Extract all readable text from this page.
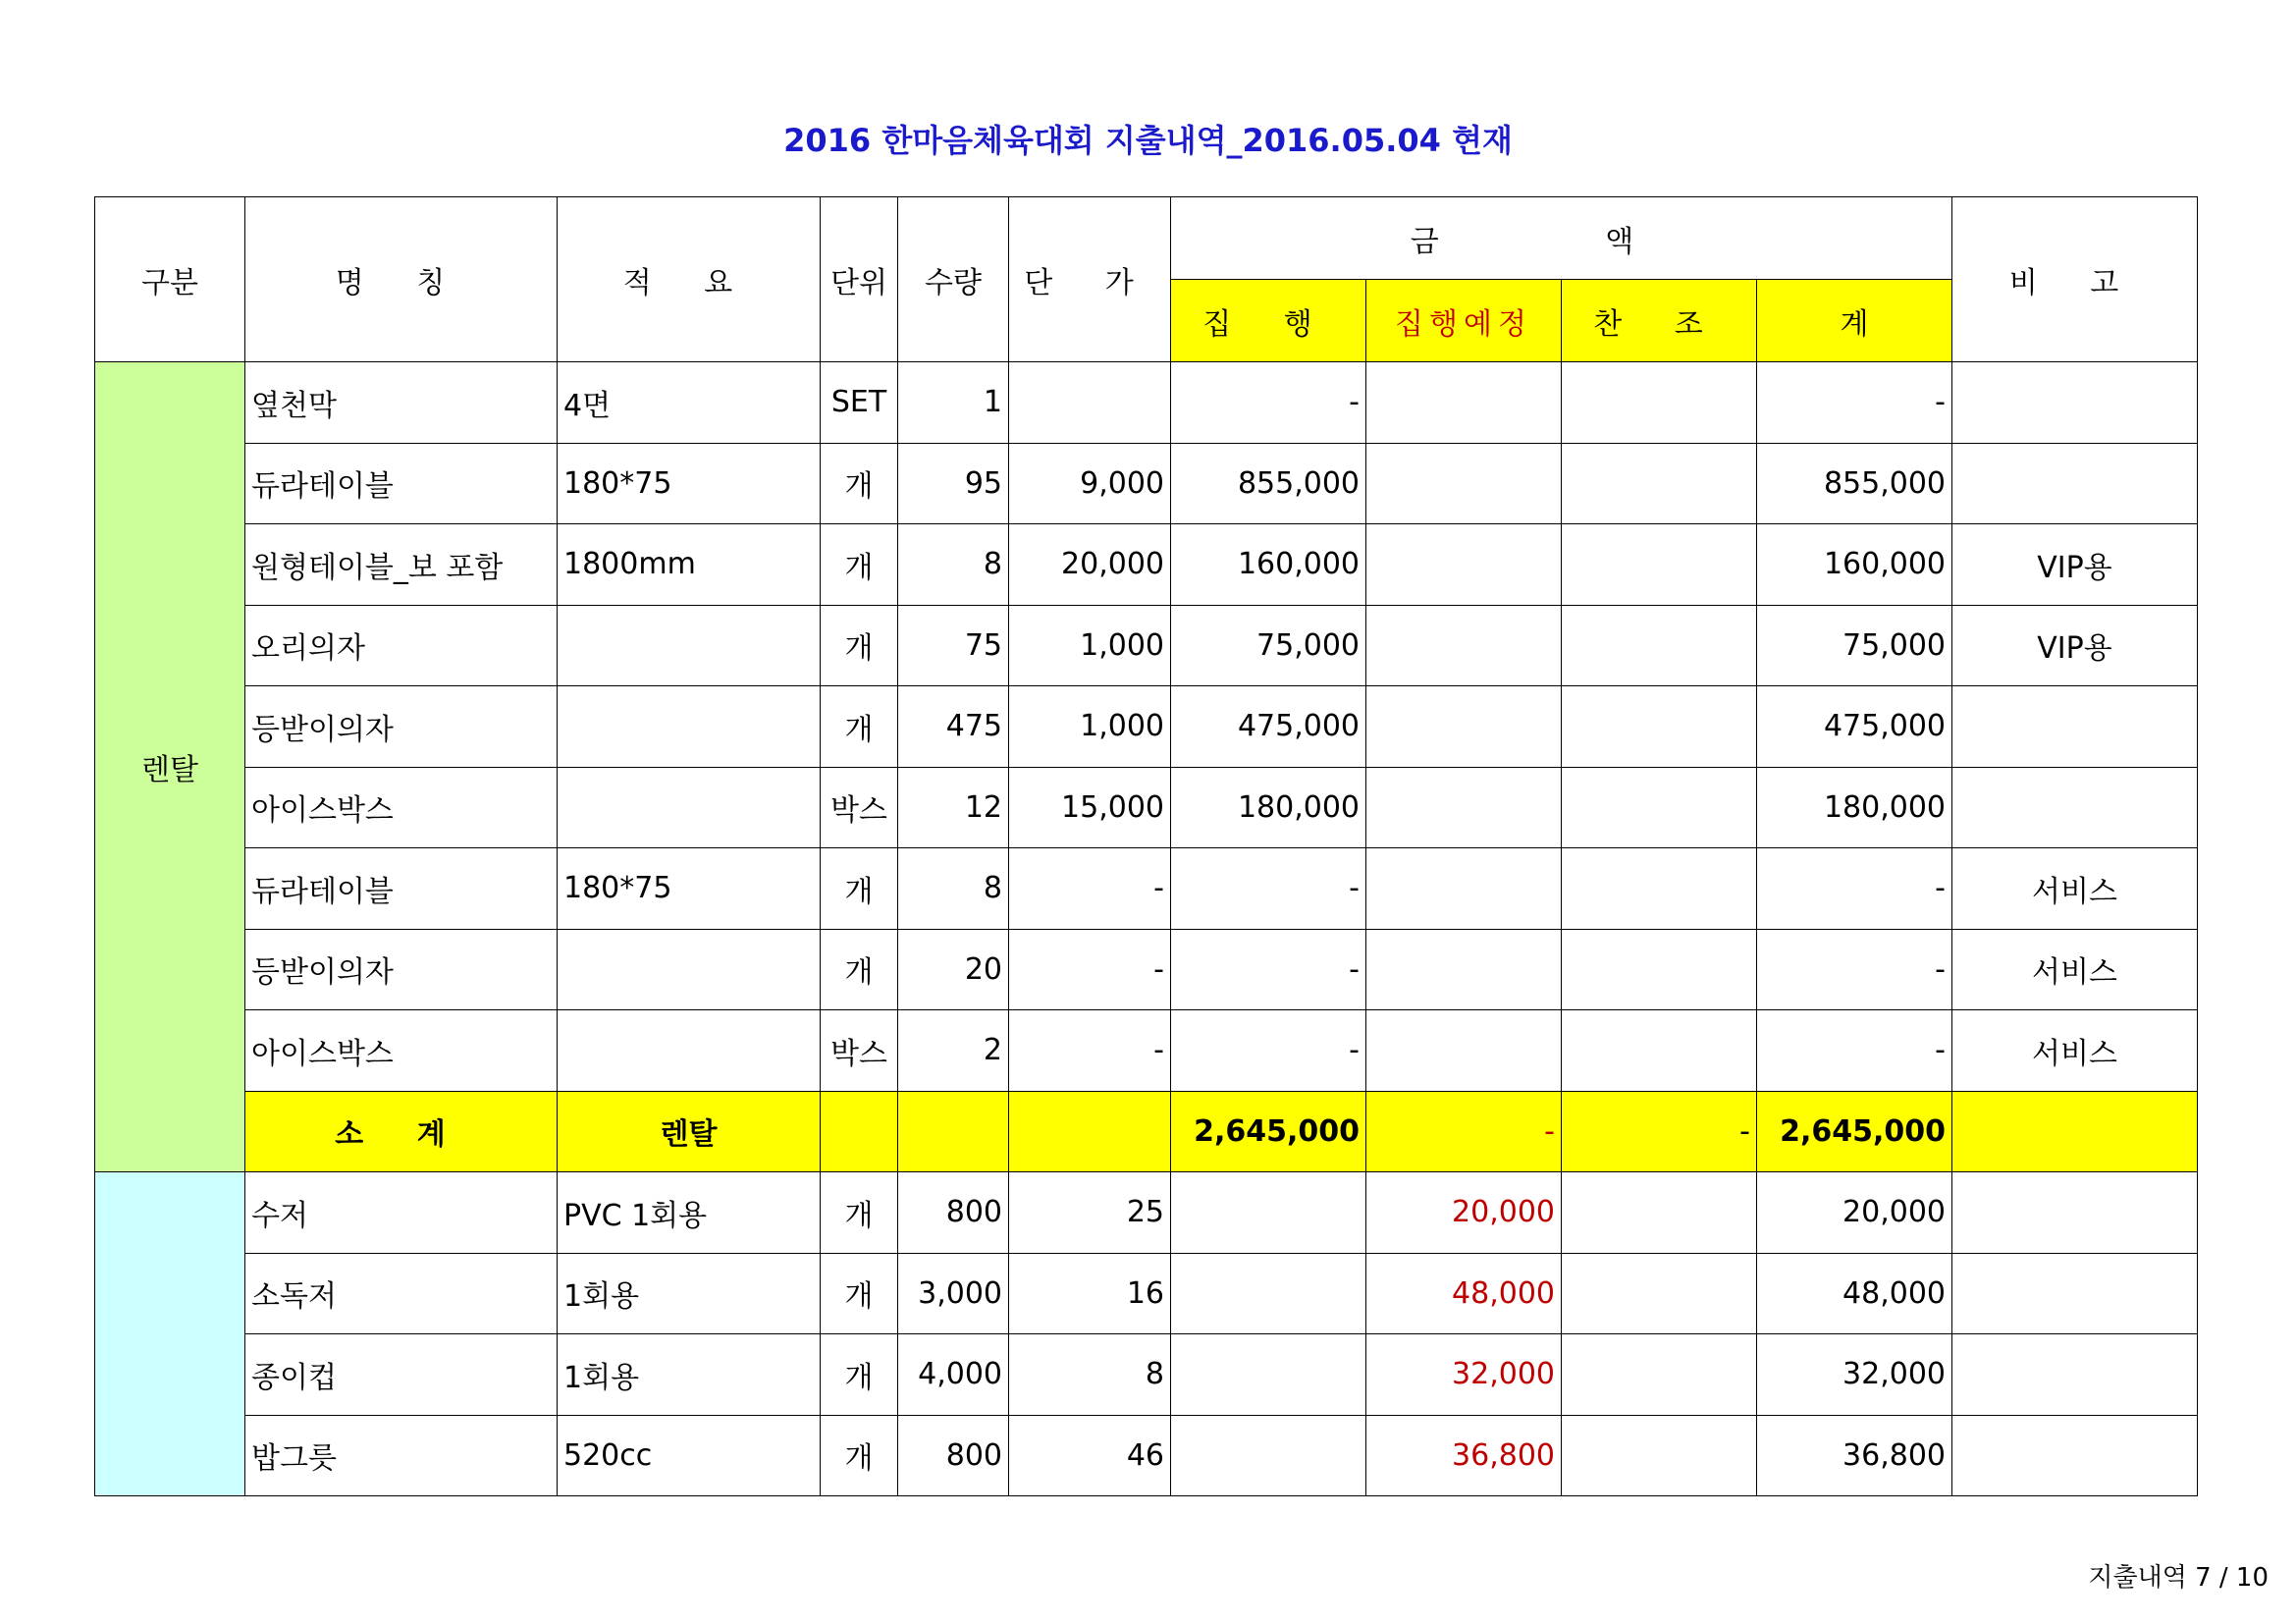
2016 한마음체육대회 지출내역_2016.05.04 현재
구분	명 칭	적 요	단위	수량	단 가	금 액				비 고
						집 행	집행예정	찬 조	계	
렌탈	옆천막	4면	SET	1		-			-	
	듀라테이블	180*75	개	95	9,000	855,000			855,000	
	원형테이블_보 포함	1800mm	개	8	20,000	160,000			160,000	VIP용
	오리의자		개	75	1,000	75,000			75,000	VIP용
	등받이의자		개	475	1,000	475,000			475,000	
	아이스박스		박스	12	15,000	180,000			180,000	
	듀라테이블	180*75	개	8	-	-			-	서비스
	등받이의자		개	20	-	-			-	서비스
	아이스박스		박스	2	-	-			-	서비스
	소 계	렌탈				2,645,000	-	-	2,645,000	
	수저	PVC 1회용	개	800	25		20,000		20,000	
	소독저	1회용	개	3,000	16		48,000		48,000	
	종이컵	1회용	개	4,000	8		32,000		32,000	
	밥그릇	520cc	개	800	46		36,800		36,800	
지출내역 7 / 10
